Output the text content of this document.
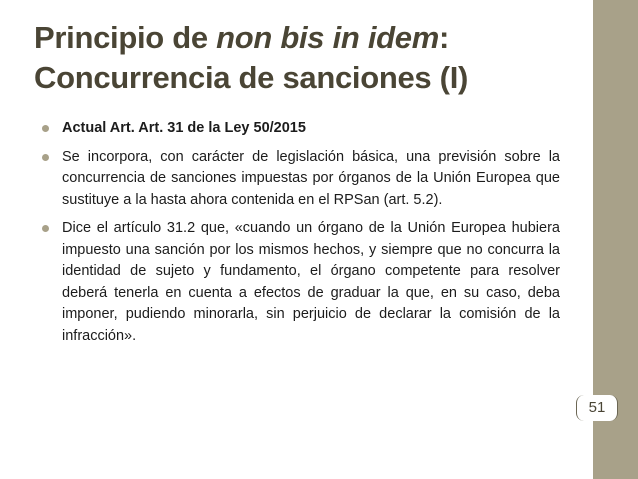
Principio de non bis in idem:
Concurrencia de sanciones (I)
Actual Art. Art. 31 de la Ley 50/2015
Se incorpora, con carácter de legislación básica, una previsión sobre la concurrencia de sanciones impuestas por órganos de la Unión Europea que sustituye a la hasta ahora contenida en el RPSan (art. 5.2).
Dice el artículo 31.2 que, «cuando un órgano de la Unión Europea hubiera impuesto una sanción por los mismos hechos, y siempre que no concurra la identidad de sujeto y fundamento, el órgano competente para resolver deberá tenerla en cuenta a efectos de graduar la que, en su caso, deba imponer, pudiendo minorarla, sin perjuicio de declarar la comisión de la infracción».
51
